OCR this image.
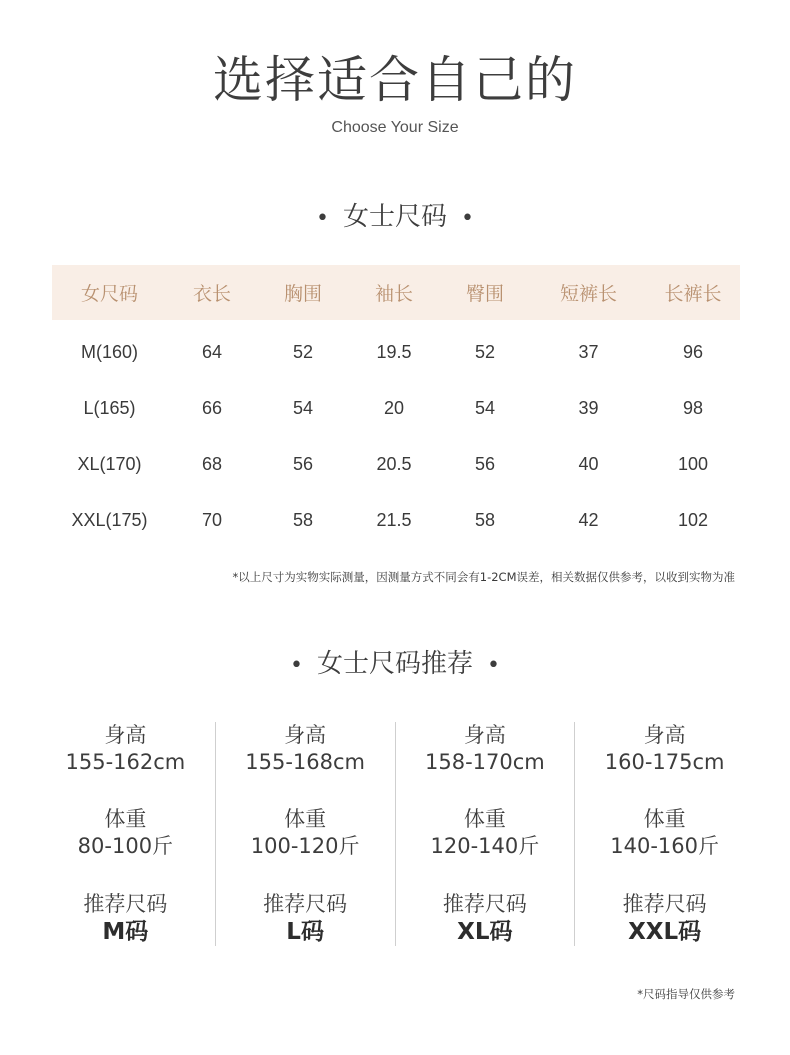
选择适合自己的
Choose Your Size
• 女士尺码 •
女尺码	衣长	胸围	袖长	臀围	短裤长	长裤长
M(160)	64	52	19.5	52	37	96
L(165)	66	54	20	54	39	98
XL(170)	68	56	20.5	56	40	100
XXL(175)	70	58	21.5	58	42	102
*以上尺寸为实物实际测量，因测量方式不同会有1-2CM误差，相关数据仅供参考，以收到实物为准
• 女士尺码推荐 •
身高
155-162cm
体重
80-100斤
推荐尺码
M码
身高
155-168cm
体重
100-120斤
推荐尺码
L码
身高
158-170cm
体重
120-140斤
推荐尺码
XL码
身高
160-175cm
体重
140-160斤
推荐尺码
XXL码
*尺码指导仅供参考
